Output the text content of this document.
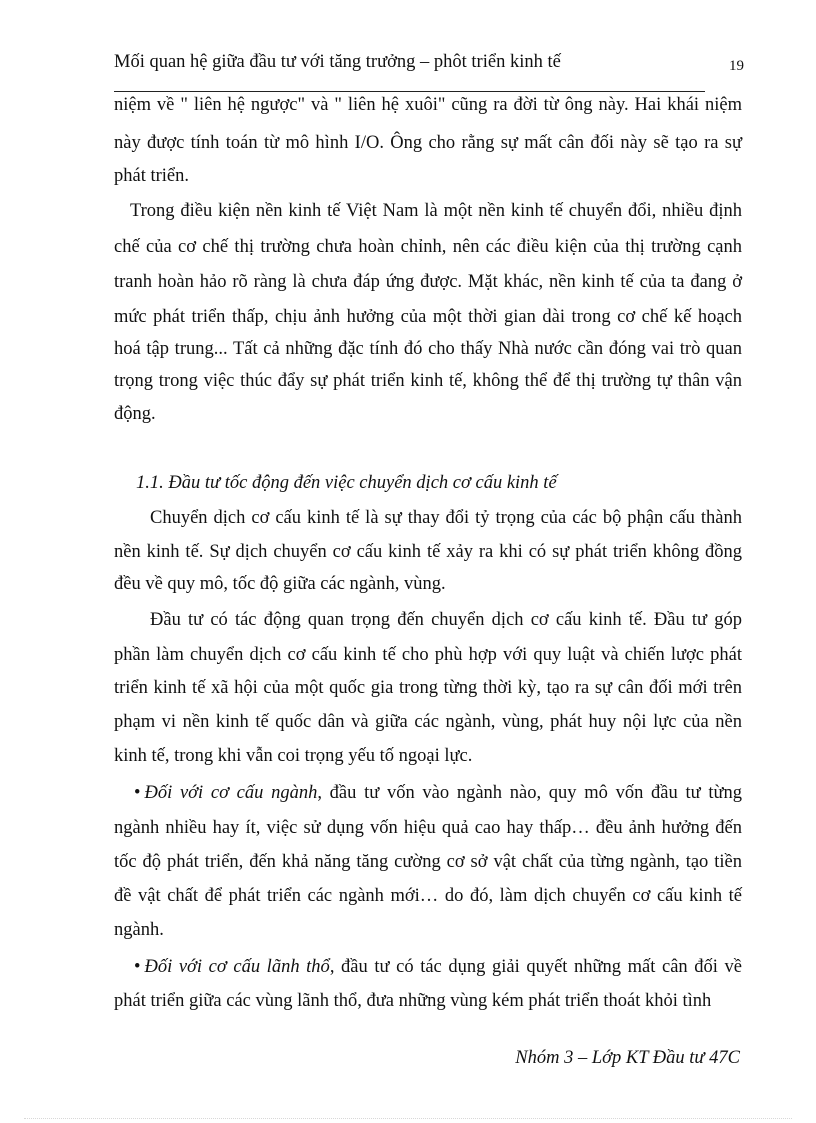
Mối quan hệ giữa đầu tư với tăng trưởng – phôt triển kinh tế	19
niệm về " liên hệ ngược" và " liên hệ xuôi" cũng ra đời từ ông này. Hai khái niệm
này được tính toán từ mô hình I/O. Ông cho rằng sự mất cân đối này sẽ tạo ra sự
phát triển.
Trong điều kiện nền kinh tế Việt Nam là một nền kinh tế chuyển đổi, nhiều định
chế của cơ chế thị trường chưa hoàn chỉnh, nên các điều kiện của thị trường cạnh
tranh hoàn hảo rõ ràng là chưa đáp ứng được. Mặt khác, nền kinh tế của ta đang ở
mức phát triển thấp, chịu ảnh hưởng của một thời gian dài trong cơ chế kế hoạch
hoá tập trung... Tất cả những đặc tính đó cho thấy Nhà nước cần đóng vai trò quan
trọng trong việc thúc đẩy sự phát triển kinh tế, không thể để thị trường tự thân vận
động.
1.1. Đầu tư tốc động đến việc chuyển dịch cơ cấu kinh tế
Chuyển dịch cơ cấu kinh tế là sự thay đổi tỷ trọng của các bộ phận cấu thành
nền kinh tế. Sự dịch chuyển cơ cấu kinh tế xảy ra khi có sự phát triển không đồng
đều về quy mô, tốc độ giữa các ngành, vùng.
Đầu tư có tác động quan trọng đến chuyển dịch cơ cấu kinh tế. Đầu tư góp
phần làm chuyển dịch cơ cấu kinh tế cho phù hợp với quy luật và chiến lược phát
triển kinh tế xã hội của một quốc gia trong từng thời kỳ, tạo ra sự cân đối mới trên
phạm vi nền kinh tế quốc dân và giữa các ngành, vùng, phát huy nội lực của nền
kinh tế, trong khi vẫn coi trọng yếu tố ngoại lực.
• Đối với cơ cấu ngành, đầu tư vốn vào ngành nào, quy mô vốn đầu tư từng
ngành nhiều hay ít, việc sử dụng vốn hiệu quả cao hay thấp… đều ảnh hưởng đến
tốc độ phát triển, đến khả năng tăng cường cơ sở vật chất của từng ngành, tạo tiền
đề vật chất để phát triển các ngành mới… do đó, làm dịch chuyển cơ cấu kinh tế
ngành.
• Đối với cơ cấu lãnh thổ, đầu tư có tác dụng giải quyết những mất cân đối về
phát triển giữa các vùng lãnh thổ, đưa những vùng kém phát triển thoát khỏi tình
Nhóm 3 – Lớp KT Đầu tư 47C
